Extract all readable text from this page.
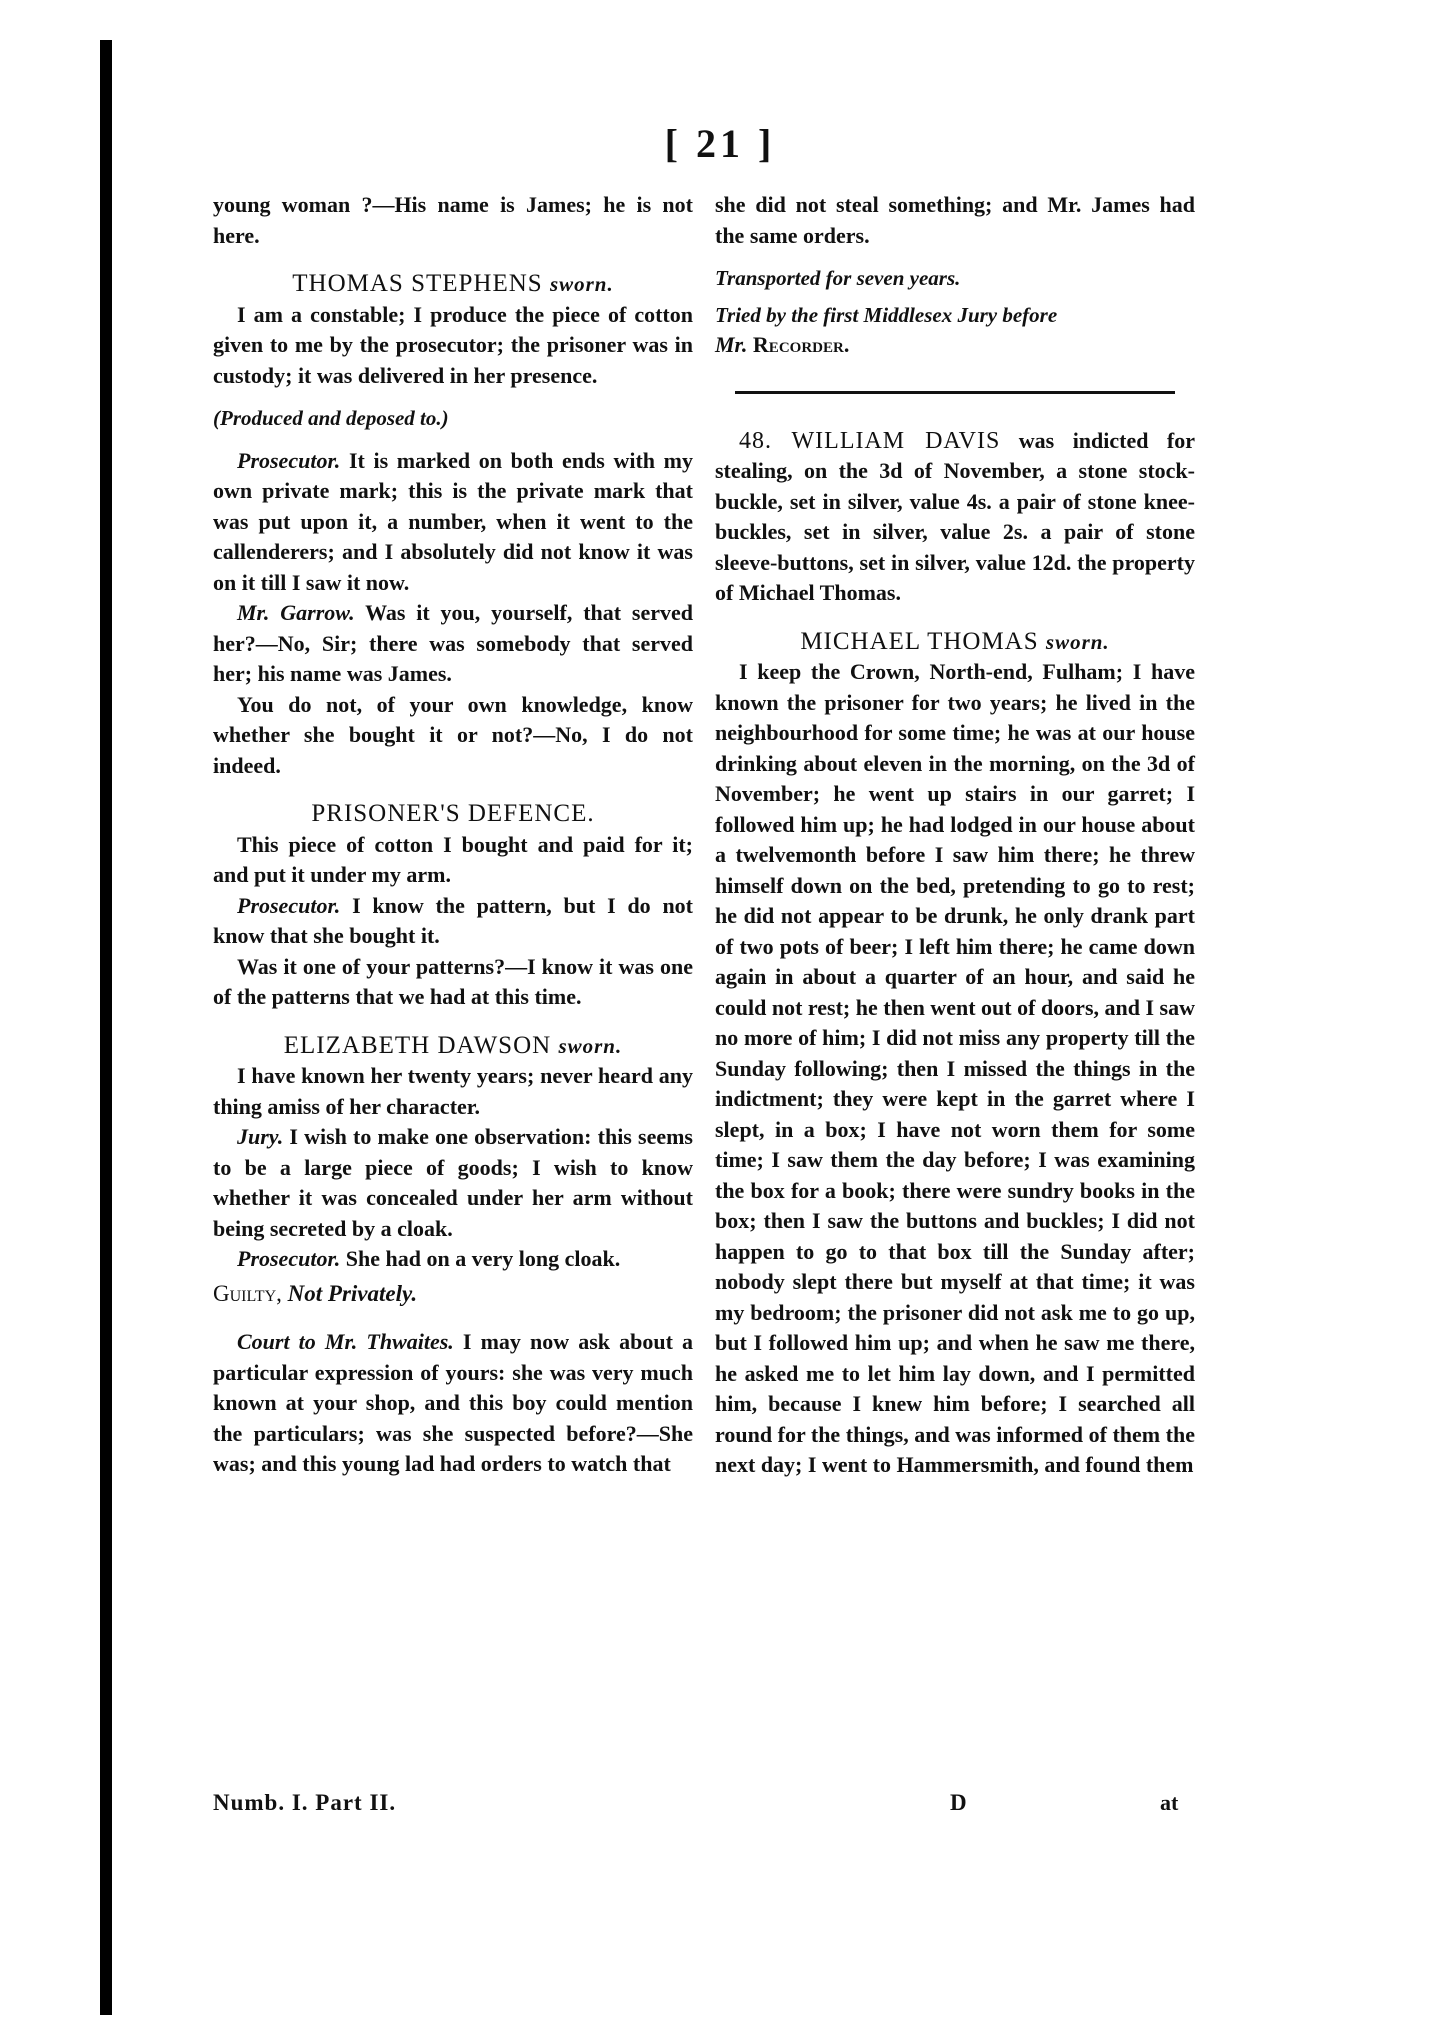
[ 21 ]

young woman ?—His name is James; he is not here.

THOMAS STEPHENS sworn.

I am a constable; I produce the piece of cotton given to me by the prosecutor; the prisoner was in custody; it was delivered in her presence.

(Produced and deposed to.)

Prosecutor. It is marked on both ends with my own private mark; this is the private mark that was put upon it, a number, when it went to the callenderers; and I absolutely did not know it was on it till I saw it now.

Mr. Garrow. Was it you, yourself, that served her?—No, Sir; there was somebody that served her; his name was James.

You do not, of your own knowledge, know whether she bought it or not?—No, I do not indeed.

PRISONER'S DEFENCE.

This piece of cotton I bought and paid for it; and put it under my arm.

Prosecutor. I know the pattern, but I do not know that she bought it.

Was it one of your patterns?—I know it was one of the patterns that we had at this time.

ELIZABETH DAWSON sworn.

I have known her twenty years; never heard any thing amiss of her character.

Jury. I wish to make one observation: this seems to be a large piece of goods; I wish to know whether it was concealed under her arm without being secreted by a cloak.

Prosecutor. She had on a very long cloak.

Guilty, Not Privately.

Court to Mr. Thwaites. I may now ask about a particular expression of yours: she was very much known at your shop, and this boy could mention the particulars; was she suspected before?—She was; and this young lad had orders to watch that

she did not steal something; and Mr. James had the same orders.

Transported for seven years.

Tried by the first Middlesex Jury before

Mr. Recorder.

48. WILLIAM DAVIS was indicted for stealing, on the 3d of November, a stone stock-buckle, set in silver, value 4s. a pair of stone knee-buckles, set in silver, value 2s. a pair of stone sleeve-buttons, set in silver, value 12d. the property of Michael Thomas.

MICHAEL THOMAS sworn.

I keep the Crown, North-end, Fulham; I have known the prisoner for two years; he lived in the neighbourhood for some time; he was at our house drinking about eleven in the morning, on the 3d of November; he went up stairs in our garret; I followed him up; he had lodged in our house about a twelvemonth before I saw him there; he threw himself down on the bed, pretending to go to rest; he did not appear to be drunk, he only drank part of two pots of beer; I left him there; he came down again in about a quarter of an hour, and said he could not rest; he then went out of doors, and I saw no more of him; I did not miss any property till the Sunday following; then I missed the things in the indictment; they were kept in the garret where I slept, in a box; I have not worn them for some time; I saw them the day before; I was examining the box for a book; there were sundry books in the box; then I saw the buttons and buckles; I did not happen to go to that box till the Sunday after; nobody slept there but myself at that time; it was my bedroom; the prisoner did not ask me to go up, but I followed him up; and when he saw me there, he asked me to let him lay down, and I permitted him, because I knew him before; I searched all round for the things, and was informed of them the next day; I went to Hammersmith, and found them

Numb. I. Part II.	D	at
